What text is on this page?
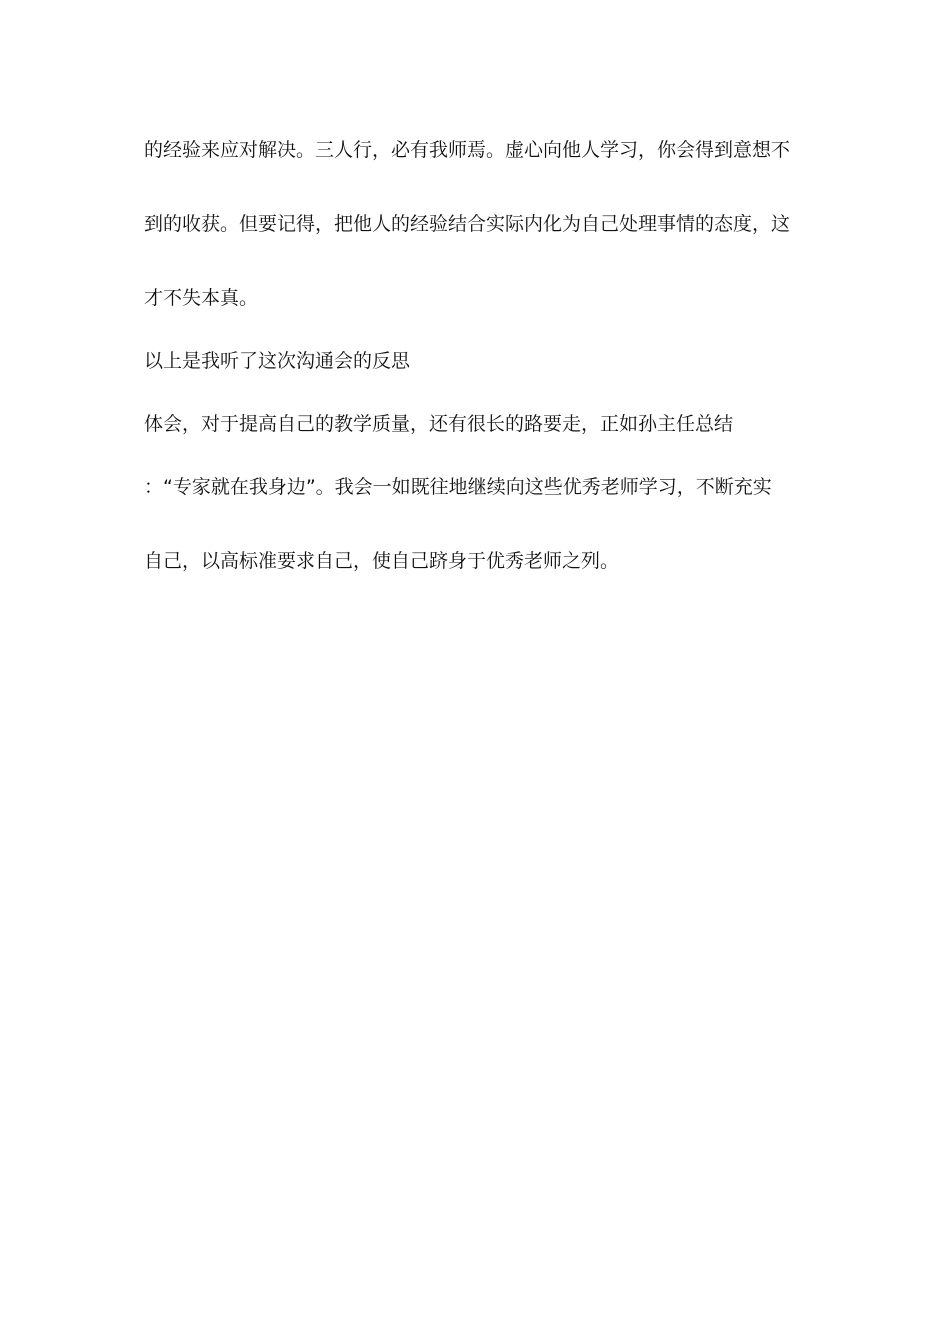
的经验来应对解决。三人行，必有我师焉。虚心向他人学习，你会得到意想不
到的收获。但要记得，把他人的经验结合实际内化为自己处理事情的态度，这
才不失本真。
以上是我听了这次沟通会的反思
体会，对于提高自己的教学质量，还有很长的路要走，正如孙主任总结
：“专家就在我身边”。我会一如既往地继续向这些优秀老师学习，不断充实
自己，以高标准要求自己，使自己跻身于优秀老师之列。
